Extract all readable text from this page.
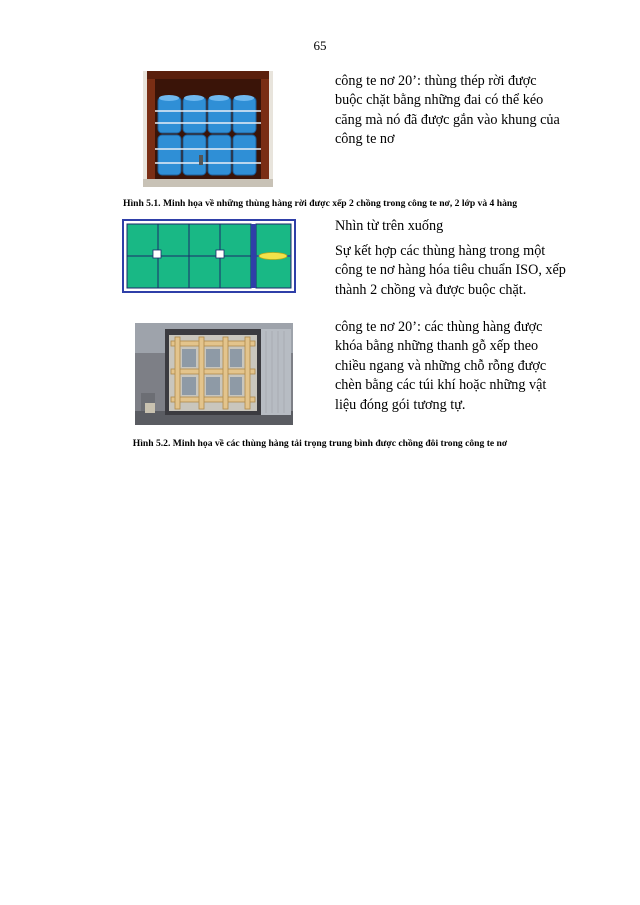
65

công te nơ 20’: thùng thép rời được buộc chặt bằng những đai có thể kéo căng mà nó đã được gắn vào khung của công te nơ

Hình 5.1. Minh họa về những thùng hàng rời được xếp 2 chồng trong công te nơ, 2 lớp và 4 hàng

Nhìn từ trên xuống

Sự kết hợp các thùng hàng trong một công te nơ hàng hóa tiêu chuẩn ISO, xếp thành 2 chồng và được buộc chặt.

công te nơ 20’: các thùng hàng được khóa bằng những thanh gỗ xếp theo chiều ngang và những chỗ rỗng được chèn bằng các túi khí hoặc những vật liệu đóng gói tương tự.

Hình 5.2. Minh họa về các thùng hàng tải trọng trung bình được chồng đôi trong công te nơ
